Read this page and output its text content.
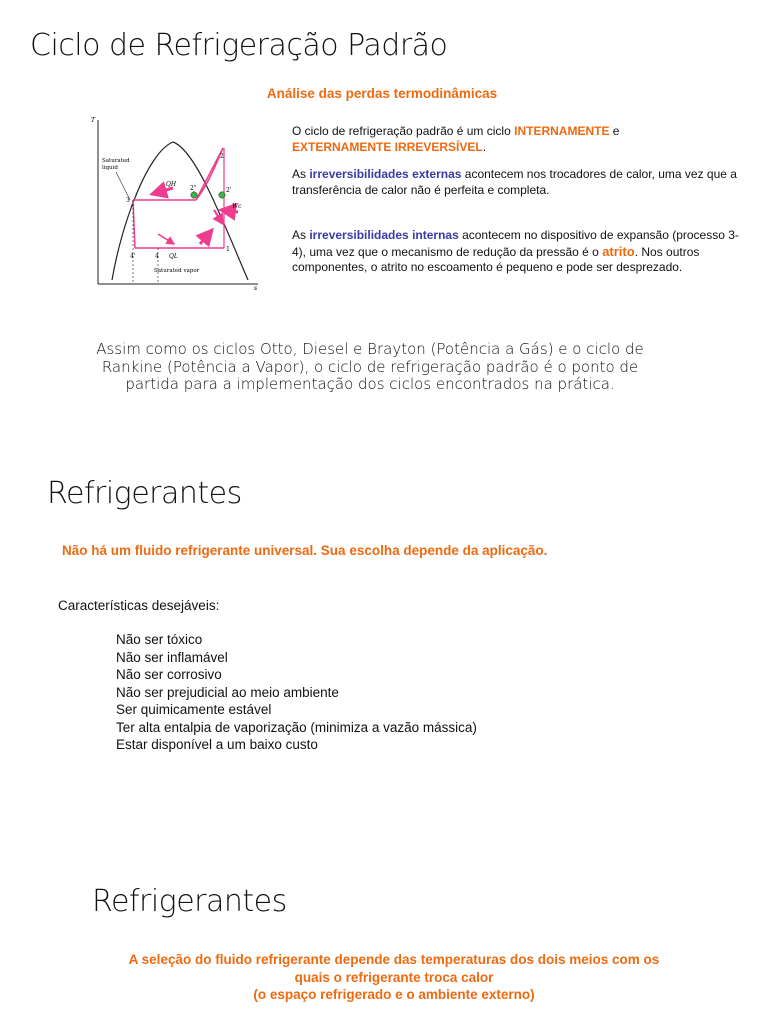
Ciclo de Refrigeração Padrão
Análise das perdas termodinâmicas
T
s
Saturated
liquid
Saturated vapor
QH
QL
Wc
2
2"	2'
3
4'	4
1
O ciclo de refrigeração padrão é um ciclo INTERNAMENTE e
EXTERNAMENTE IRREVERSÍVEL.
As irreversibilidades externas acontecem nos trocadores de calor, uma vez que a transferência de calor não é perfeita e completa.
As irreversibilidades internas acontecem no dispositivo de expansão (processo 3-4), uma vez que o mecanismo de redução da pressão é o atrito. Nos outros componentes, o atrito no escoamento é pequeno e pode ser desprezado.
Assim como os ciclos Otto, Diesel e Brayton (Potência a Gás) e o ciclo de Rankine (Potência a Vapor), o ciclo de refrigeração padrão é o ponto de partida para a implementação dos ciclos encontrados na prática.
Refrigerantes
Não há um fluido refrigerante universal. Sua escolha depende da aplicação.
Características desejáveis:
Não ser tóxico
Não ser inflamável
Não ser corrosivo
Não ser prejudicial ao meio ambiente
Ser quimicamente estável
Ter alta entalpia de vaporização (minimiza a vazão mássica)
Estar disponível a um baixo custo
Refrigerantes
A seleção do fluido refrigerante depende das temperaturas dos dois meios com os
quais o refrigerante troca calor
(o espaço refrigerado e o ambiente externo)
